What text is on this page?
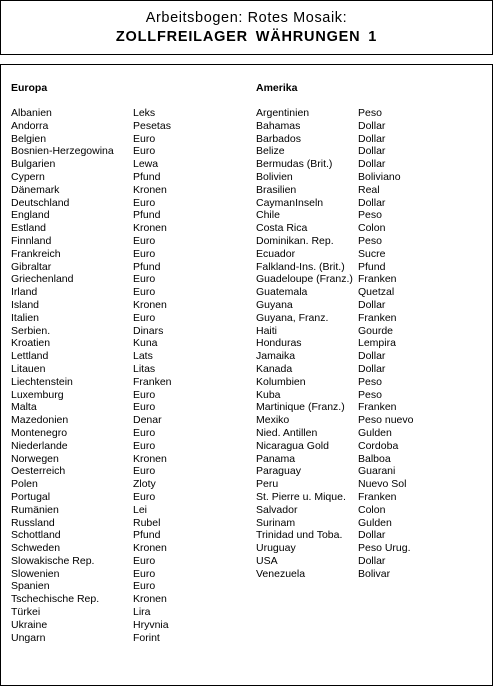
Arbeitsbogen: Rotes Mosaik:
ZOLLFREILAGER WÄHRUNGEN 1
Europa	Amerika
Albanien
Andorra
Belgien
Bosnien-Herzegowina
Bulgarien
Cypern
Dänemark
Deutschland
England
Estland
Finnland
Frankreich
Gibraltar
Griechenland
Irland
Island
Italien
Serbien.
Kroatien
Lettland
Litauen
Liechtenstein
Luxemburg
Malta
Mazedonien
Montenegro
Niederlande
Norwegen
Oesterreich
Polen
Portugal
Rumänien
Russland
Schottland
Schweden
Slowakische Rep.
Slowenien
Spanien
Tschechische Rep.
Türkei
Ukraine
Ungarn
Leks
Pesetas
Euro
Euro
Lewa
Pfund
Kronen
Euro
Pfund
Kronen
Euro
Euro
Pfund
Euro
Euro
Kronen
Euro
Dinars
Kuna
Lats
Litas
Franken
Euro
Euro
Denar
Euro
Euro
Kronen
Euro
Zloty
Euro
Lei
Rubel
Pfund
Kronen
Euro
Euro
Euro
Kronen
Lira
Hryvnia
Forint
Argentinien
Bahamas
Barbados
Belize
Bermudas (Brit.)
Bolivien
Brasilien
CaymanInseln
Chile
Costa Rica
Dominikan. Rep.
Ecuador
Falkland-Ins. (Brit.)
Guadeloupe (Franz.)
Guatemala
Guyana
Guyana, Franz.
Haiti
Honduras
Jamaika
Kanada
Kolumbien
Kuba
Martinique (Franz.)
Mexiko
Nied. Antillen
Nicaragua Gold
Panama
Paraguay
Peru
St. Pierre u. Mique.
Salvador
Surinam
Trinidad und Toba.
Uruguay
USA
Venezuela
Peso
Dollar
Dollar
Dollar
Dollar
Boliviano
Real
Dollar
Peso
Colon
Peso
Sucre
Pfund
Franken
Quetzal
Dollar
Franken
Gourde
Lempira
Dollar
Dollar
Peso
Peso
Franken
Peso nuevo
Gulden
Cordoba
Balboa
Guarani
Nuevo Sol
Franken
Colon
Gulden
Dollar
Peso Urug.
Dollar
Bolivar
